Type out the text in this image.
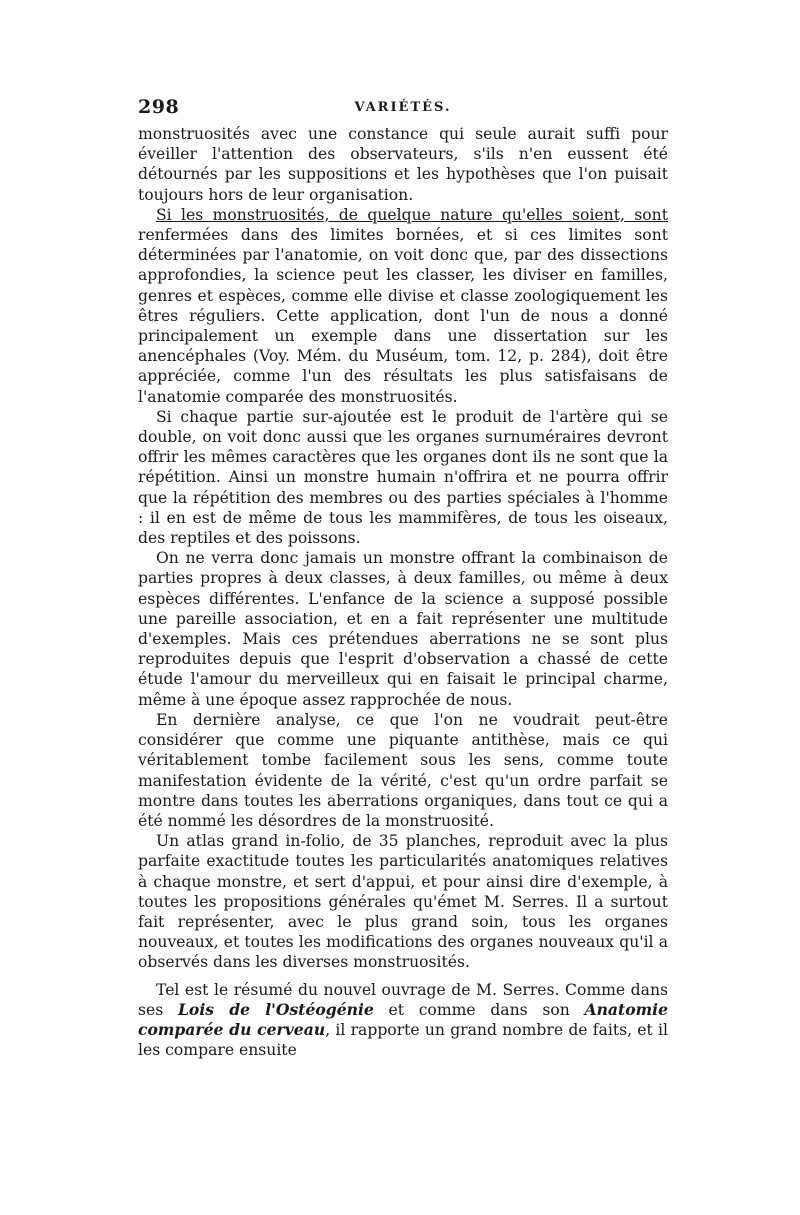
298	VARIÉTÉS.

monstruosités avec une constance qui seule aurait suffi pour éveiller l'attention des observateurs, s'ils n'en eussent été détournés par les suppositions et les hypothèses que l'on puisait toujours hors de leur organisation.

Si les monstruosités, de quelque nature qu'elles soient, sont renfermées dans des limites bornées, et si ces limites sont déterminées par l'anatomie, on voit donc que, par des dissections approfondies, la science peut les classer, les diviser en familles, genres et espèces, comme elle divise et classe zoologiquement les êtres réguliers. Cette application, dont l'un de nous a donné principalement un exemple dans une dissertation sur les anencéphales (Voy. Mém. du Muséum, tom. 12, p. 284), doit être appréciée, comme l'un des résultats les plus satisfaisans de l'anatomie comparée des monstruosités.

Si chaque partie sur-ajoutée est le produit de l'artère qui se double, on voit donc aussi que les organes surnuméraires devront offrir les mêmes caractères que les organes dont ils ne sont que la répétition. Ainsi un monstre humain n'offrira et ne pourra offrir que la répétition des membres ou des parties spéciales à l'homme : il en est de même de tous les mammifères, de tous les oiseaux, des reptiles et des poissons.

On ne verra donc jamais un monstre offrant la combinaison de parties propres à deux classes, à deux familles, ou même à deux espèces différentes. L'enfance de la science a supposé possible une pareille association, et en a fait représenter une multitude d'exemples. Mais ces prétendues aberrations ne se sont plus reproduites depuis que l'esprit d'observation a chassé de cette étude l'amour du merveilleux qui en faisait le principal charme, même à une époque assez rapprochée de nous.

En dernière analyse, ce que l'on ne voudrait peut-être considérer que comme une piquante antithèse, mais ce qui véritablement tombe facilement sous les sens, comme toute manifestation évidente de la vérité, c'est qu'un ordre parfait se montre dans toutes les aberrations organiques, dans tout ce qui a été nommé les désordres de la monstruosité.

Un atlas grand in-folio, de 35 planches, reproduit avec la plus parfaite exactitude toutes les particularités anatomiques relatives à chaque monstre, et sert d'appui, et pour ainsi dire d'exemple, à toutes les propositions générales qu'émet M. Serres. Il a surtout fait représenter, avec le plus grand soin, tous les organes nouveaux, et toutes les modifications des organes nouveaux qu'il a observés dans les diverses monstruosités.

Tel est le résumé du nouvel ouvrage de M. Serres. Comme dans ses Lois de l'Ostéogénie et comme dans son Anatomie comparée du cerveau, il rapporte un grand nombre de faits, et il les compare ensuite
